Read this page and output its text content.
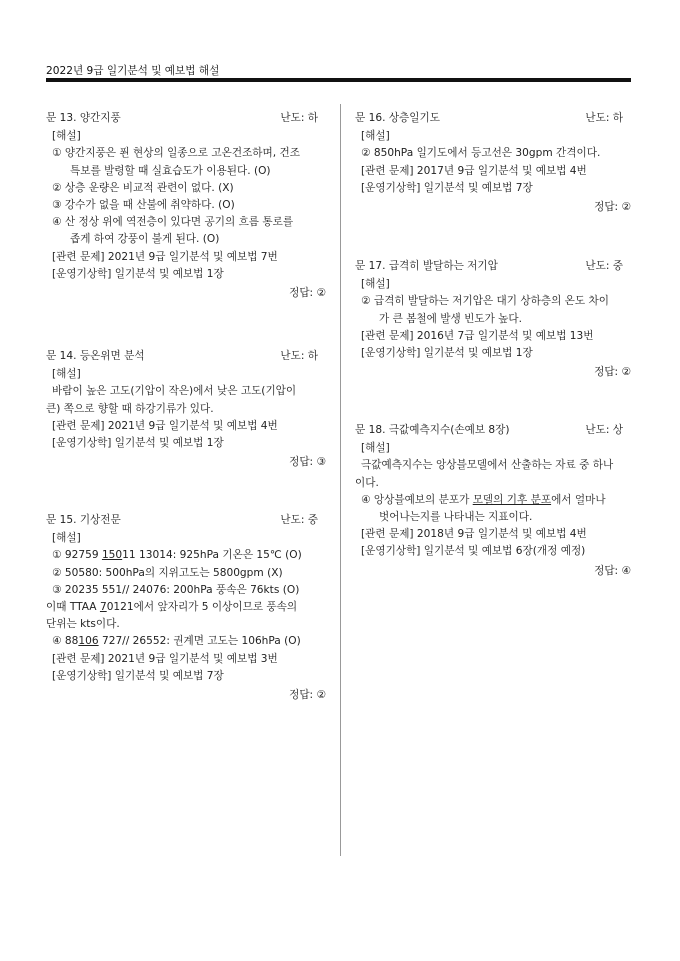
2022년 9급 일기분석 및 예보법 해설
문 13. 양간지풍	난도: 하
[해설]
① 양간지풍은 푄 현상의 일종으로 고온건조하며, 건조
특보를 발령할 때 실효습도가 이용된다. (O)
② 상층 운량은 비교적 관련이 없다. (X)
③ 강수가 없을 때 산불에 취약하다. (O)
④ 산 정상 위에 역전층이 있다면 공기의 흐름 통로를
좁게 하여 강풍이 불게 된다. (O)
[관련 문제] 2021년 9급 일기분석 및 예보법 7번
[운영기상학] 일기분석 및 예보법 1장
정답: ②
문 14. 등온위면 분석	난도: 하
[해설]
바람이 높은 고도(기압이 작은)에서 낮은 고도(기압이
큰) 쪽으로 향할 때 하강기류가 있다.
[관련 문제] 2021년 9급 일기분석 및 예보법 4번
[운영기상학] 일기분석 및 예보법 1장
정답: ③
문 15. 기상전문	난도: 중
[해설]
① 92759 15011 13014: 925hPa 기온은 15℃ (O)
② 50580: 500hPa의 지위고도는 5800gpm (X)
③ 20235 551// 24076: 200hPa 풍속은 76kts (O)
이때 TTAA 70121에서 앞자리가 5 이상이므로 풍속의
단위는 kts이다.
④ 88106 727// 26552: 권계면 고도는 106hPa (O)
[관련 문제] 2021년 9급 일기분석 및 예보법 3번
[운영기상학] 일기분석 및 예보법 7장
정답: ②
문 16. 상층일기도	난도: 하
[해설]
② 850hPa 일기도에서 등고선은 30gpm 간격이다.
[관련 문제] 2017년 9급 일기분석 및 예보법 4번
[운영기상학] 일기분석 및 예보법 7장
정답: ②
문 17. 급격히 발달하는 저기압	난도: 중
[해설]
② 급격히 발달하는 저기압은 대기 상하층의 온도 차이
가 큰 봄철에 발생 빈도가 높다.
[관련 문제] 2016년 7급 일기분석 및 예보법 13번
[운영기상학] 일기분석 및 예보법 1장
정답: ②
문 18. 극값예측지수(손예보 8장)	난도: 상
[해설]
극값예측지수는 앙상블모델에서 산출하는 자료 중 하나
이다.
④ 앙상블예보의 분포가 모델의 기후 분포에서 얼마나
벗어나는지를 나타내는 지표이다.
[관련 문제] 2018년 9급 일기분석 및 예보법 4번
[운영기상학] 일기분석 및 예보법 6장(개정 예정)
정답: ④
